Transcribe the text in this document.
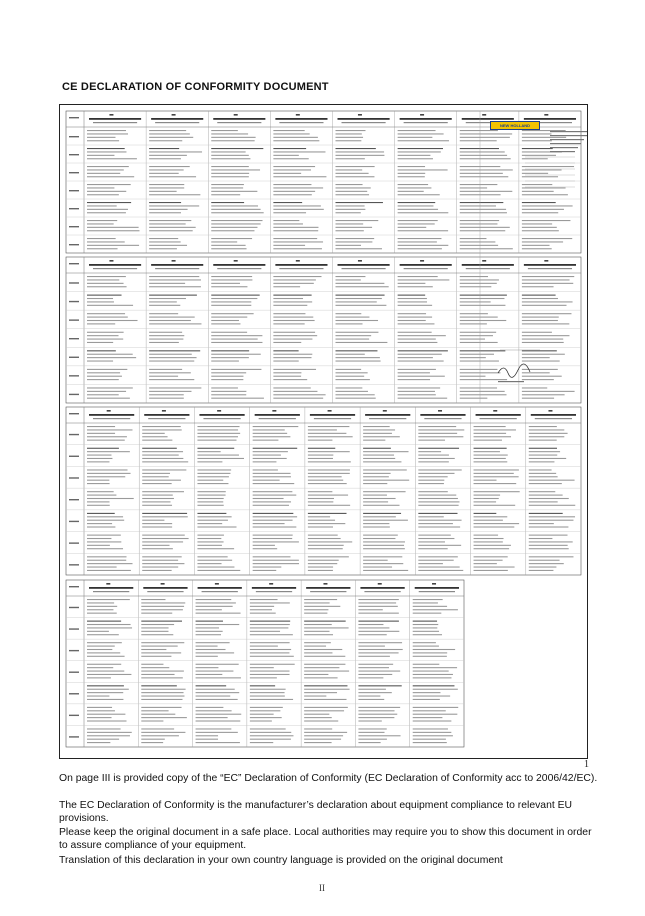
CE DECLARATION OF CONFORMITY DOCUMENT
NEW HOLLAND
1
On page III is provided copy of the “EC” Declaration of Conformity (EC Declaration of Conformity acc to 2006/42/EC).
The EC Declaration of Conformity is the manufacturer’s declaration about equipment compliance to relevant EU provisions.
Please keep the original document in a safe place. Local authorities may require you to show this document in order to assure compliance of your equipment.
Translation of this declaration in your own country language is provided on the original document
II
